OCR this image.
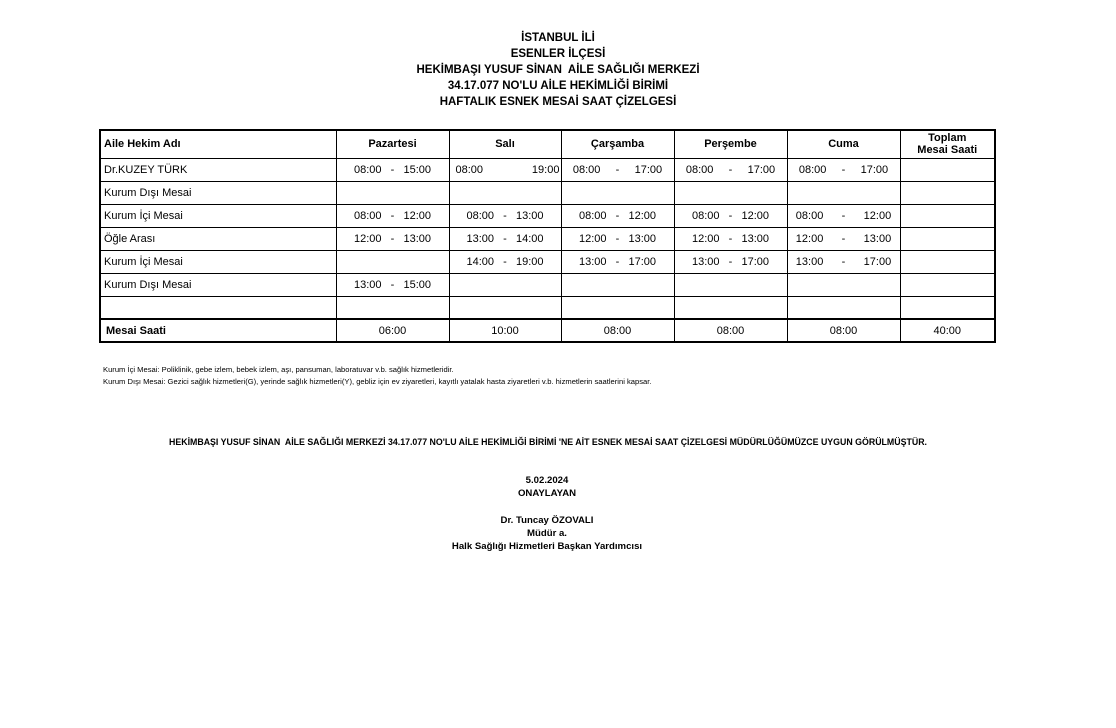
İSTANBUL İLİ
ESENLER İLÇESİ
HEKİMBAŞI YUSUF SİNAN  AİLE SAĞLIĞI MERKEZİ
34.17.077 NO'LU AİLE HEKİMLİĞİ BİRİMİ
HAFTALIK ESNEK MESAİ SAAT ÇİZELGESİ
Aile Hekim Adı	Pazartesi	Salı	Çarşamba	Perşembe	Cuma	Toplam
Mesai Saati
Dr.KUZEY TÜRK	08:00   -   15:00	08:00                19:00	08:00     -     17:00	08:00     -     17:00	08:00     -     17:00	
Kurum Dışı Mesai						
Kurum İçi Mesai	08:00   -   12:00	08:00   -   13:00	08:00   -   12:00	08:00   -   12:00	08:00      -      12:00	
Öğle Arası	12:00   -   13:00	13:00   -   14:00	12:00   -   13:00	12:00   -   13:00	12:00      -      13:00	
Kurum İçi Mesai		14:00   -   19:00	13:00   -   17:00	13:00   -   17:00	13:00      -      17:00	
Kurum Dışı Mesai	13:00   -   15:00					

Mesai Saati	06:00	10:00	08:00	08:00	08:00	40:00
Kurum İçi Mesai: Poliklinik, gebe izlem, bebek izlem, aşı, pansuman, laboratuvar v.b. sağlık hizmetleridir.
Kurum Dışı Mesai: Gezici sağlık hizmetleri(G), yerinde sağlık hizmetleri(Y), gebliz için ev ziyaretleri, kayıtlı yatalak hasta ziyaretleri v.b. hizmetlerin saatlerini kapsar.
HEKİMBAŞI YUSUF SİNAN  AİLE SAĞLIĞI MERKEZİ 34.17.077 NO'LU AİLE HEKİMLİĞİ BİRİMİ 'NE AİT ESNEK MESAİ SAAT ÇİZELGESİ MÜDÜRLÜĞÜMÜZCE UYGUN GÖRÜLMÜŞTÜR.
5.02.2024
ONAYLAYAN
Dr. Tuncay ÖZOVALI
Müdür a.
Halk Sağlığı Hizmetleri Başkan Yardımcısı
